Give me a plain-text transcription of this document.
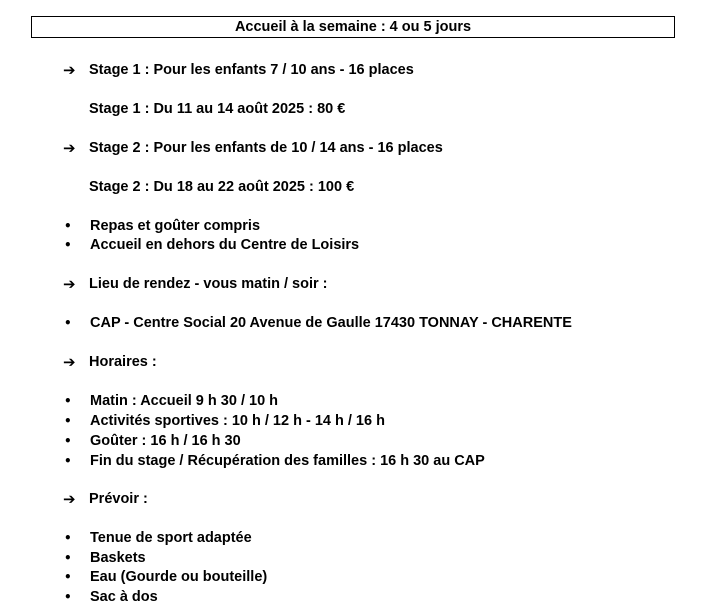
Accueil à la semaine : 4 ou 5 jours
➔ Stage 1 : Pour les enfants 7 / 10 ans - 16 places
Stage 1 : Du 11 au 14 août 2025 : 80 €
➔ Stage 2 : Pour les enfants de 10 / 14 ans - 16 places
Stage 2 : Du 18 au 22 août 2025 : 100 €
•	Repas et goûter compris
•	Accueil en dehors du Centre de Loisirs
➔ Lieu de rendez - vous matin / soir :
•	CAP - Centre Social 20 Avenue de Gaulle 17430 TONNAY - CHARENTE
➔ Horaires :
•	Matin : Accueil 9 h 30 / 10 h
•	Activités sportives : 10 h / 12 h - 14 h / 16 h
•	Goûter : 16 h / 16 h 30
•	Fin du stage / Récupération des familles : 16 h 30 au CAP
➔ Prévoir :
•	Tenue de sport adaptée
•	Baskets
•	Eau (Gourde ou bouteille)
•	Sac à dos
